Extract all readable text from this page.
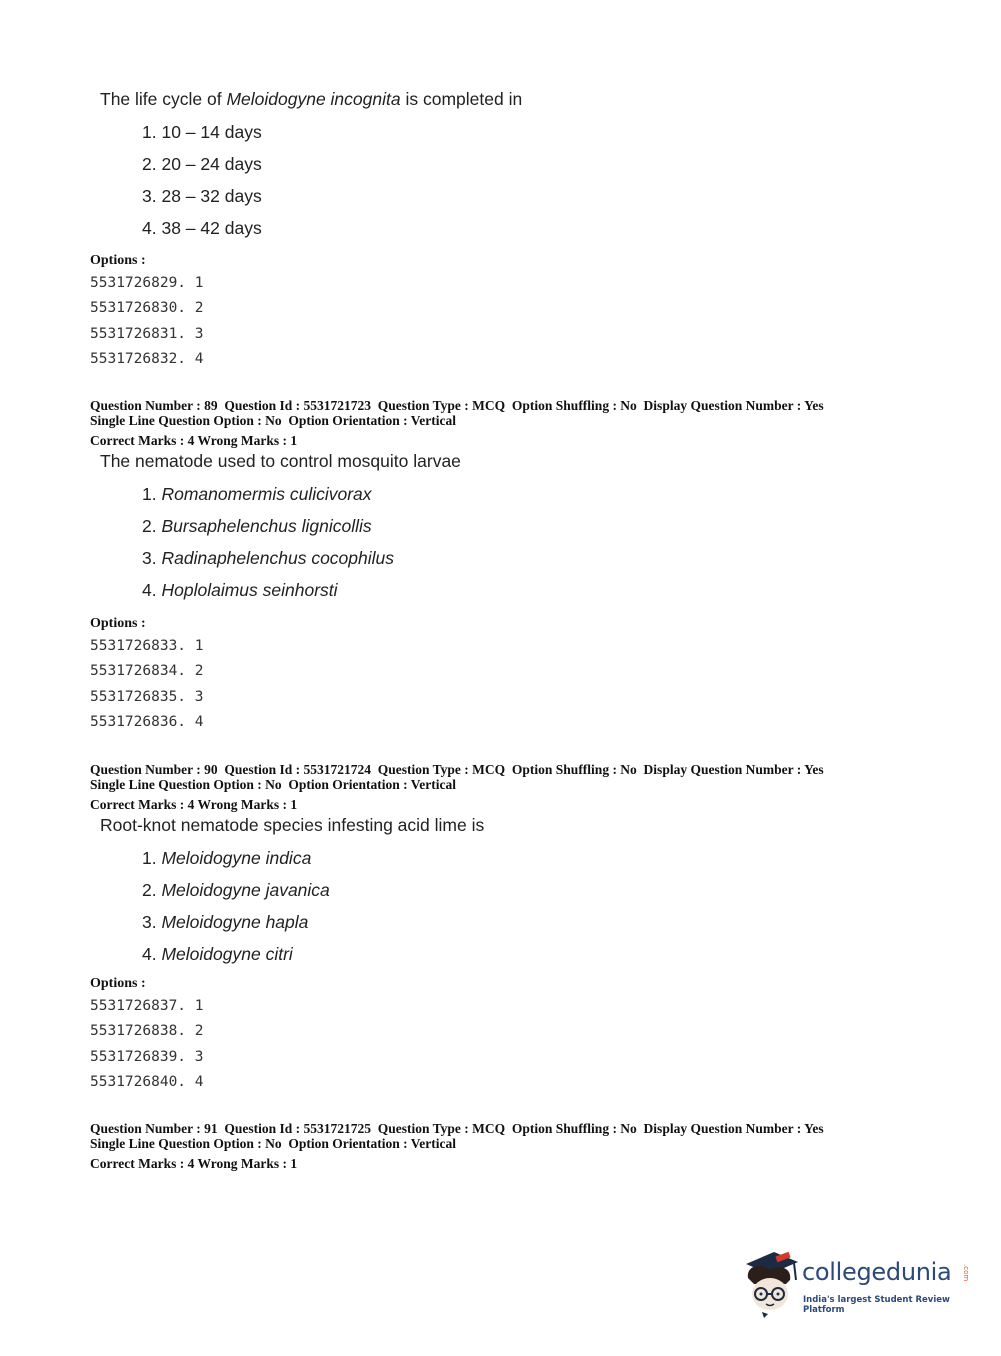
The life cycle of Meloidogyne incognita is completed in
1. 10 – 14 days
2. 20 – 24 days
3. 28 – 32 days
4. 38 – 42 days
Options :
5531726829. 1
5531726830. 2
5531726831. 3
5531726832. 4
Question Number : 89  Question Id : 5531721723  Question Type : MCQ  Option Shuffling : No  Display Question Number : Yes
Single Line Question Option : No  Option Orientation : Vertical
Correct Marks : 4 Wrong Marks : 1
The nematode used to control mosquito larvae
1. Romanomermis culicivorax
2. Bursaphelenchus lignicollis
3. Radinaphelenchus cocophilus
4. Hoplolaimus seinhorsti
Options :
5531726833. 1
5531726834. 2
5531726835. 3
5531726836. 4
Question Number : 90  Question Id : 5531721724  Question Type : MCQ  Option Shuffling : No  Display Question Number : Yes
Single Line Question Option : No  Option Orientation : Vertical
Correct Marks : 4 Wrong Marks : 1
Root-knot nematode species infesting acid lime is
1. Meloidogyne indica
2. Meloidogyne javanica
3. Meloidogyne hapla
4. Meloidogyne citri
Options :
5531726837. 1
5531726838. 2
5531726839. 3
5531726840. 4
Question Number : 91  Question Id : 5531721725  Question Type : MCQ  Option Shuffling : No  Display Question Number : Yes
Single Line Question Option : No  Option Orientation : Vertical
Correct Marks : 4 Wrong Marks : 1
collegedunia .com
India's largest Student Review Platform
